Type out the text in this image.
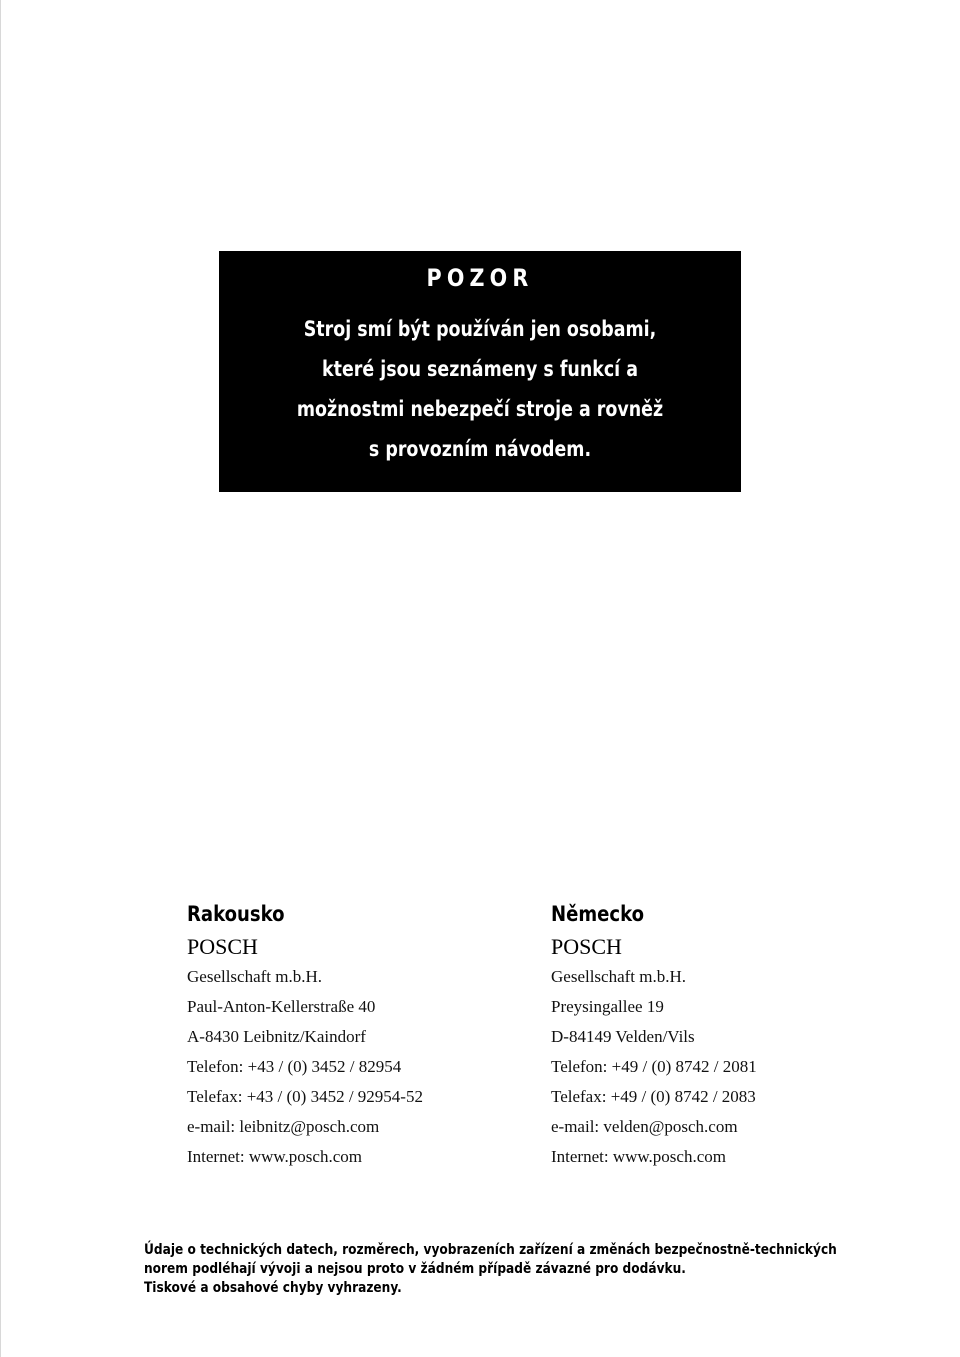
POZOR
Stroj smí být používán jen osobami,
které jsou seznámeny s funkcí a
možnostmi nebezpečí stroje a rovněž
s provozním návodem.
Rakousko
POSCH
Gesellschaft m.b.H.
Paul-Anton-Kellerstraße 40
A-8430 Leibnitz/Kaindorf
Telefon: +43 / (0) 3452 / 82954
Telefax: +43 / (0) 3452 / 92954-52
e-mail: leibnitz@posch.com
Internet: www.posch.com
Německo
POSCH
Gesellschaft m.b.H.
Preysingallee 19
D-84149 Velden/Vils
Telefon: +49 / (0) 8742 / 2081
Telefax: +49 / (0) 8742 / 2083
e-mail: velden@posch.com
Internet: www.posch.com
Údaje o technických datech, rozměrech, vyobrazeních zařízení a změnách bezpečnostně-technických
norem podléhají vývoji a nejsou proto v žádném případě závazné pro dodávku.
Tiskové a obsahové chyby vyhrazeny.
